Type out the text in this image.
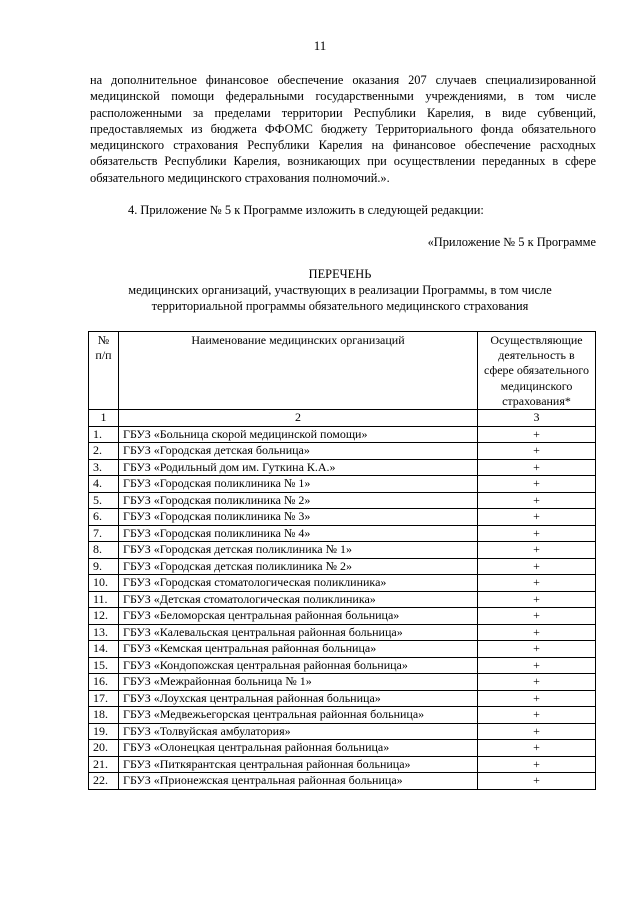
11
на дополнительное финансовое обеспечение оказания 207 случаев специализированной медицинской помощи федеральными государственными учреждениями, в том числе расположенными за пределами территории Республики Карелия, в виде субвенций, предоставляемых из бюджета ФФОМС бюджету Территориального фонда обязательного медицинского страхования Республики Карелия на финансовое обеспечение расходных обязательств Республики Карелия, возникающих при осуществлении переданных в сфере обязательного медицинского страхования полномочий.».
4. Приложение № 5 к Программе изложить в следующей редакции:
«Приложение № 5 к Программе
ПЕРЕЧЕНЬ
медицинских организаций, участвующих в реализации Программы, в том числе
территориальной программы обязательного медицинского страхования
№ п/п	Наименование медицинских организаций	Осуществляющие деятельность в сфере обязательного медицинского страхования*
1	2	3
1.	ГБУЗ «Больница скорой медицинской помощи»	+
2.	ГБУЗ «Городская детская больница»	+
3.	ГБУЗ «Родильный дом им. Гуткина К.А.»	+
4.	ГБУЗ «Городская поликлиника № 1»	+
5.	ГБУЗ «Городская поликлиника № 2»	+
6.	ГБУЗ «Городская поликлиника № 3»	+
7.	ГБУЗ «Городская поликлиника № 4»	+
8.	ГБУЗ «Городская детская поликлиника № 1»	+
9.	ГБУЗ «Городская детская поликлиника № 2»	+
10.	ГБУЗ «Городская стоматологическая поликлиника»	+
11.	ГБУЗ «Детская стоматологическая поликлиника»	+
12.	ГБУЗ «Беломорская центральная районная больница»	+
13.	ГБУЗ «Калевальская центральная районная больница»	+
14.	ГБУЗ «Кемская центральная районная больница»	+
15.	ГБУЗ «Кондопожская центральная районная больница»	+
16.	ГБУЗ «Межрайонная больница № 1»	+
17.	ГБУЗ «Лоухская центральная районная больница»	+
18.	ГБУЗ «Медвежьегорская центральная районная больница»	+
19.	ГБУЗ «Толвуйская амбулатория»	+
20.	ГБУЗ «Олонецкая центральная районная больница»	+
21.	ГБУЗ «Питкярантская центральная районная больница»	+
22.	ГБУЗ «Прионежская центральная районная больница»	+
